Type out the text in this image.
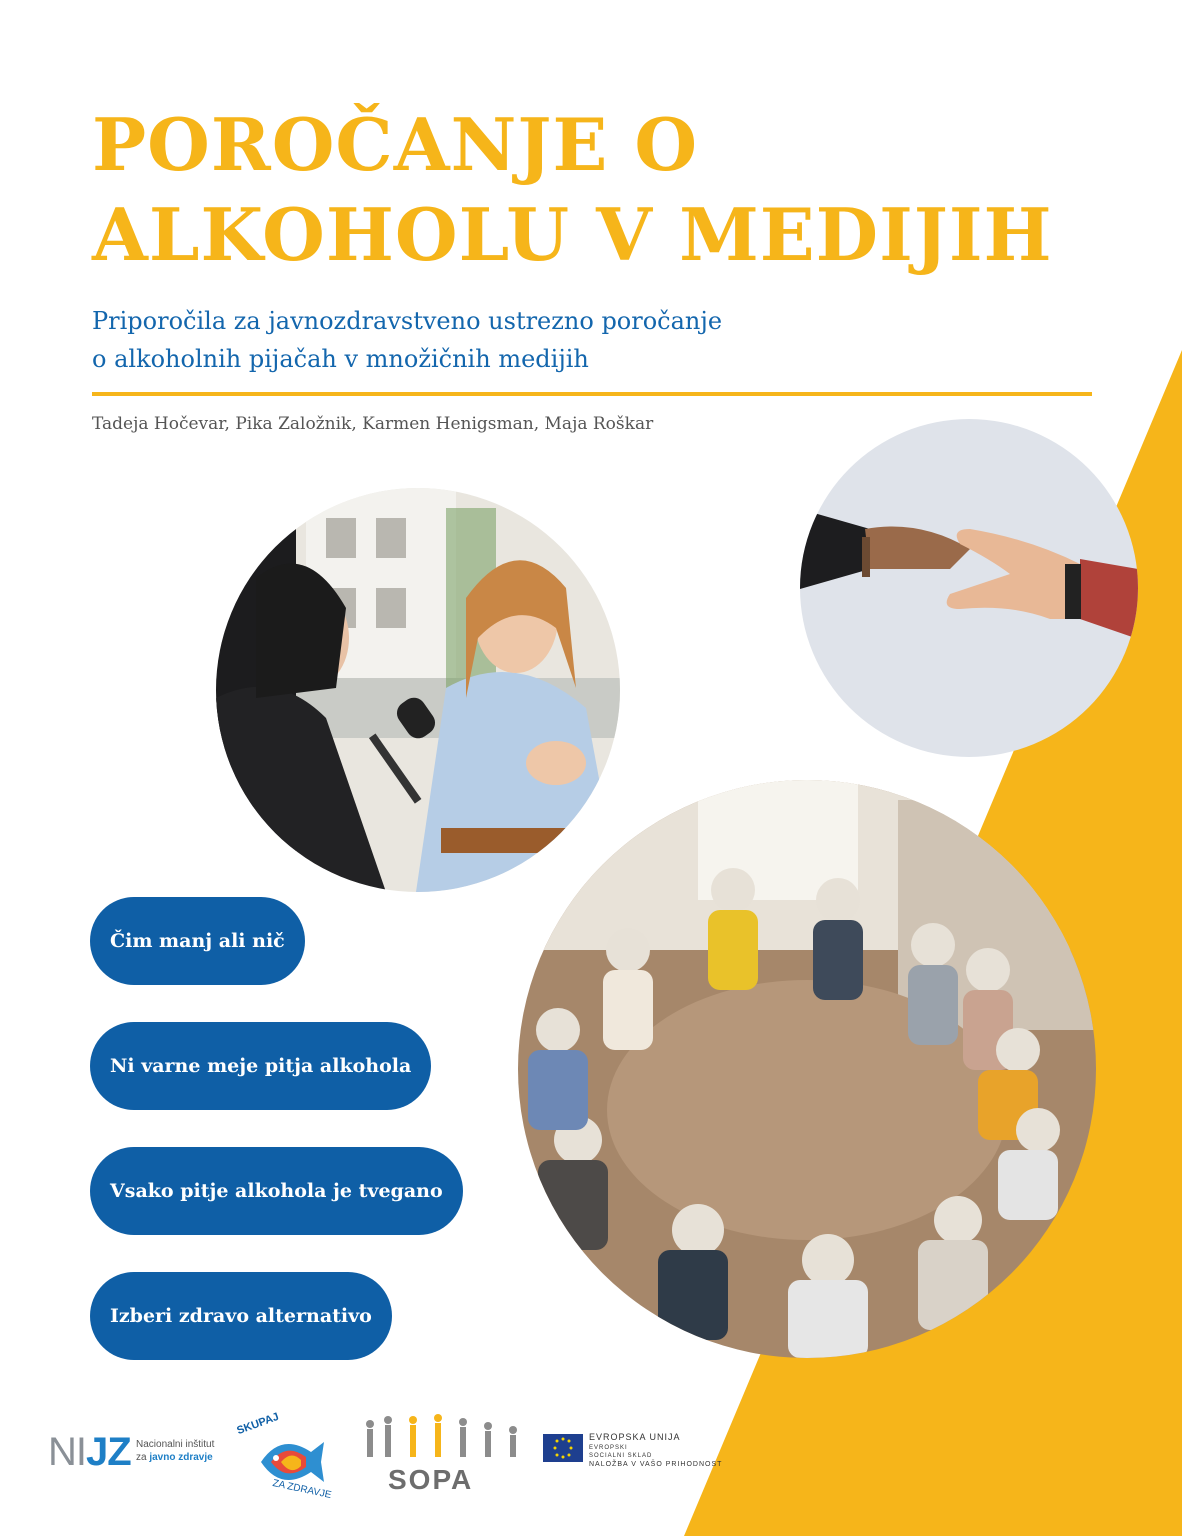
POROČANJE O
ALKOHOLU V MEDIJIH

Priporočila za javnozdravstveno ustrezno poročanje
o alkoholnih pijačah v množičnih medijih

Tadeja Hočevar, Pika Založnik, Karmen Henigsman, Maja Roškar

Čim manj ali nič
Ni varne meje pitja alkohola
Vsako pitje alkohola je tvegano
Izberi zdravo alternativo
NIJZ Nacionalni inštitut
za javno zdravje
SKUPAJ
ZA ZDRAVJE SOPA
EVROPSKA UNIJA
EVROPSKI
SOCIALNI SKLAD
NALOŽBA V VAŠO PRIHODNOST
